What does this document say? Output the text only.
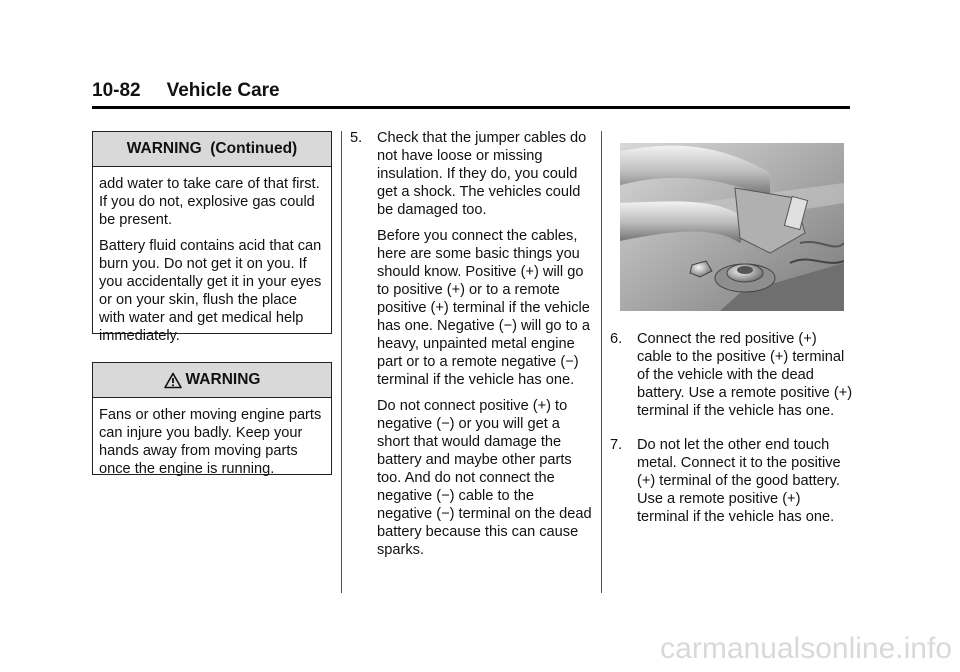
10-82 Vehicle Care
WARNING  (Continued)

add water to take care of that first. If you do not, explosive gas could be present.

Battery fluid contains acid that can burn you. Do not get it on you. If you accidentally get it in your eyes or on your skin, flush the place with water and get medical help immediately.

WARNING

Fans or other moving engine parts can injure you badly. Keep your hands away from moving parts once the engine is running.

5.	Check that the jumper cables do not have loose or missing insulation. If they do, you could get a shock. The vehicles could be damaged too.

Before you connect the cables, here are some basic things you should know. Positive (+) will go to positive (+) or to a remote positive (+) terminal if the vehicle has one. Negative (−) will go to a heavy, unpainted metal engine part or to a remote negative (−) terminal if the vehicle has one.

Do not connect positive (+) to negative (−) or you will get a short that would damage the battery and maybe other parts too. And do not connect the negative (−) cable to the negative (−) terminal on the dead battery because this can cause sparks.

6.	Connect the red positive (+) cable to the positive (+) terminal of the vehicle with the dead battery. Use a remote positive (+) terminal if the vehicle has one.

7.	Do not let the other end touch metal. Connect it to the positive (+) terminal of the good battery. Use a remote positive (+) terminal if the vehicle has one.

carmanualsonline.info
